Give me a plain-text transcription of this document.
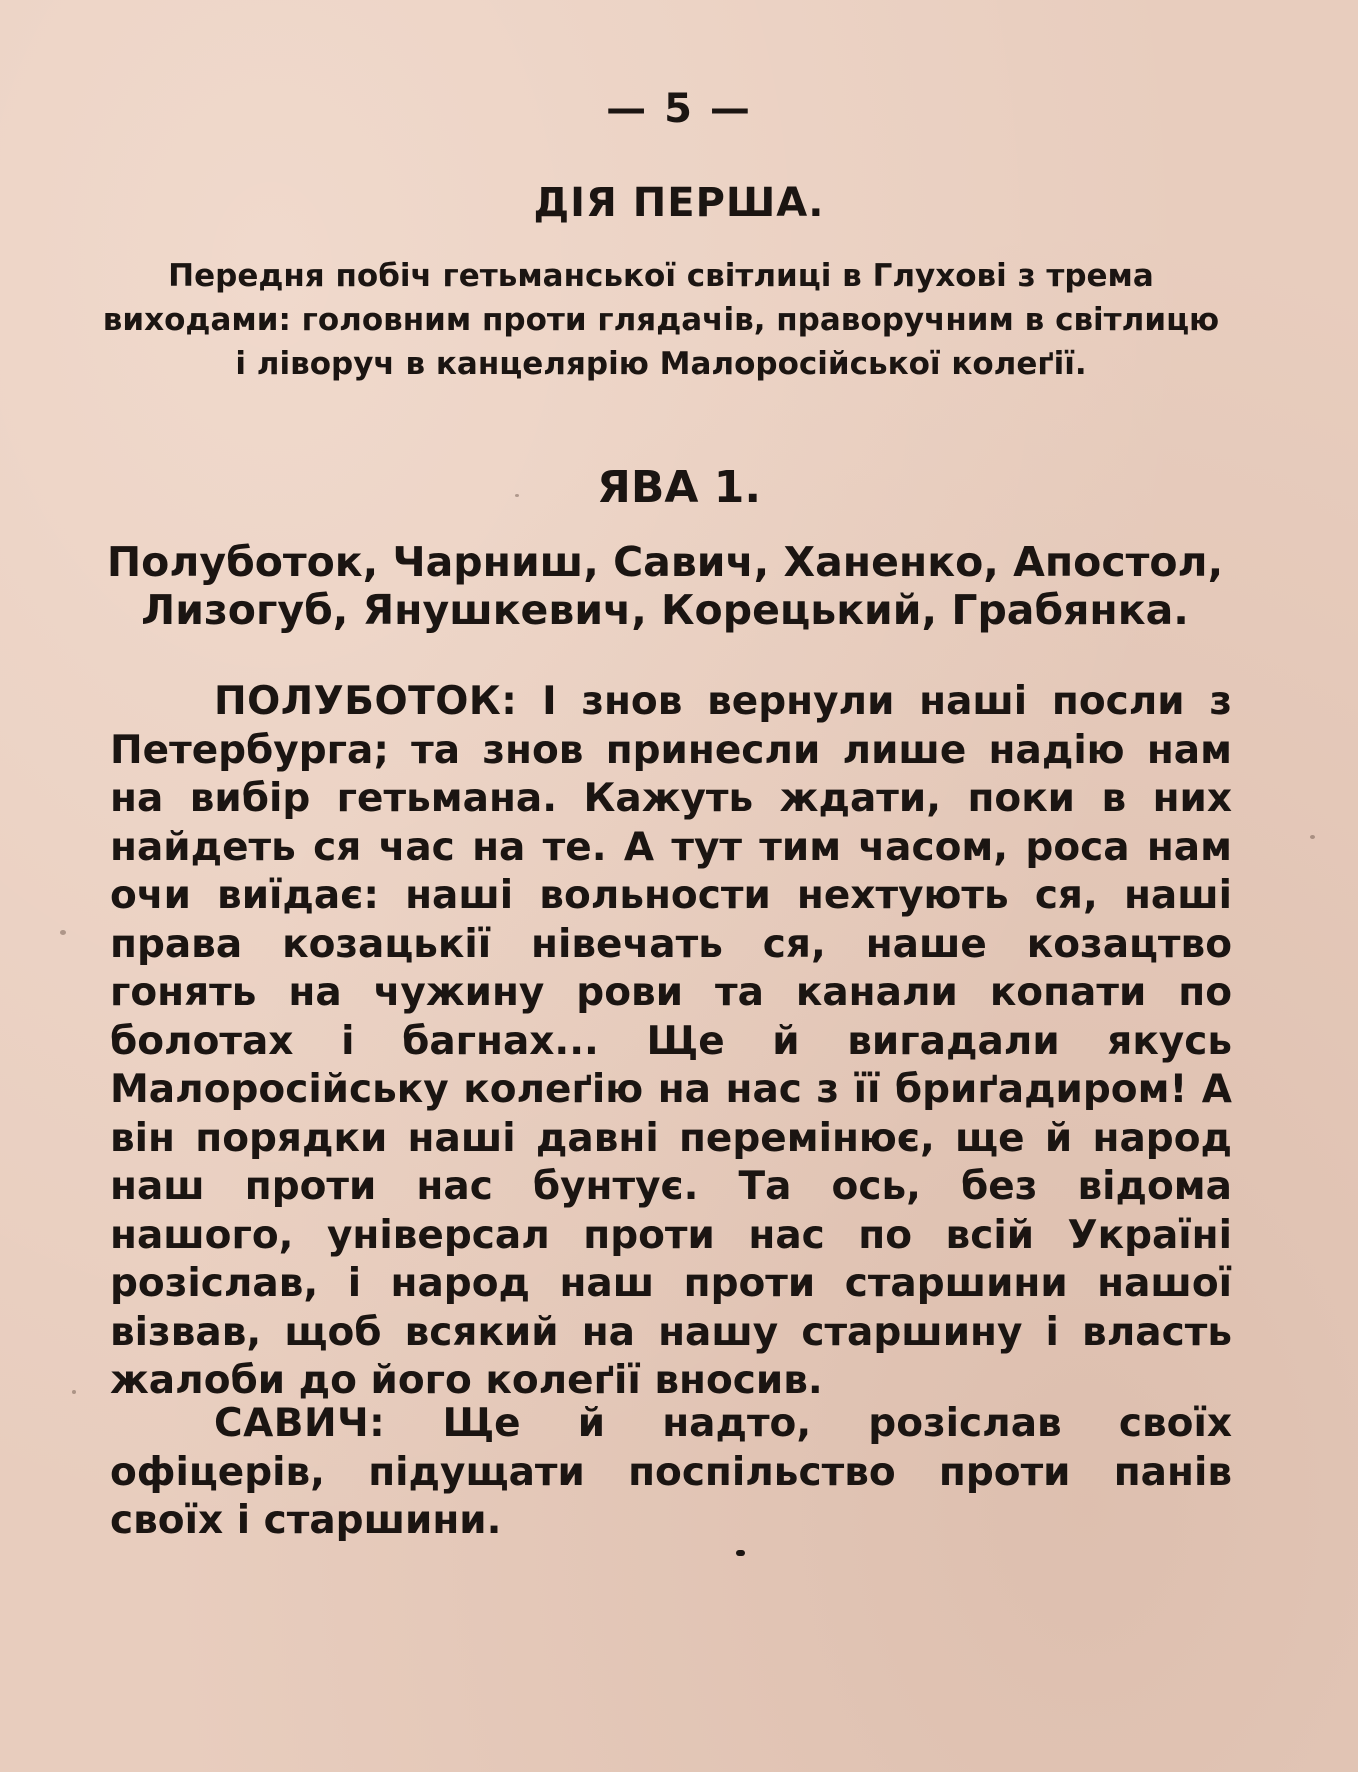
— 5 —
ДІЯ ПЕРША.
Передня побіч гетьманської світлиці в Глухові з трема виходами: головним проти глядачів, праворучним в світлицю і ліворуч в канцелярію Малоросійської колеґії.
ЯВА 1.
Полуботок, Чарниш, Савич, Ханенко, Апостол, Лизогуб, Янушкевич, Корецький, Грабянка.

ПОЛУБОТОК: І знов вернули наші посли з Петербурга; та знов принесли лише надію нам на вибір гетьмана. Кажуть ждати, поки в них найдеть ся час на те. А тут тим часом, роса нам очи виїдає: наші вольности нехтують ся, наші права козацькії нівечать ся, наше козацтво гонять на чужину рови та канали копати по болотах і багнах... Ще й вигадали якусь Малоросійську колеґію на нас з її бриґадиром! А він порядки наші давні перемінює, ще й народ наш проти нас бунтує. Та ось, без відома нашого, універсал проти нас по всій Україні розіслав, і народ наш проти старшини нашої візвав, щоб всякий на нашу старшину і власть жалоби до його колеґії вносив.

САВИЧ: Ще й надто, розіслав своїх офіцерів, підущати поспільство проти панів своїх і старшини.
